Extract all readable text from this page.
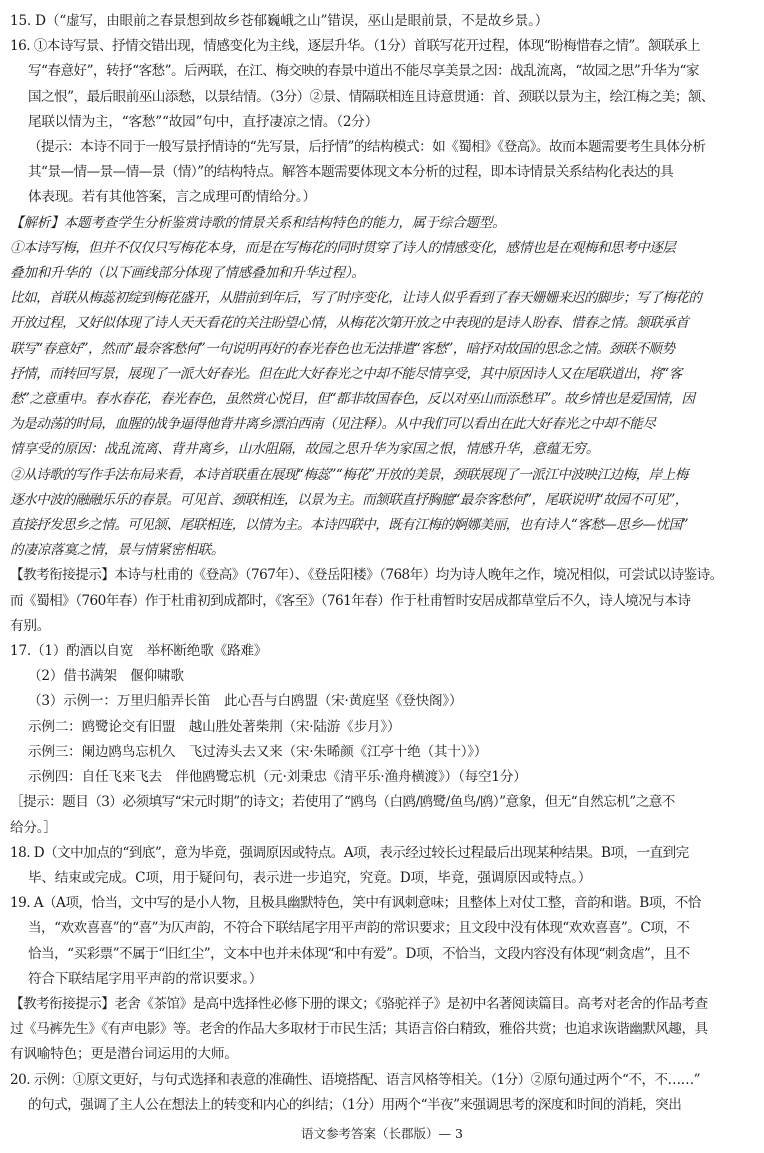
15. D（“虚写，由眼前之春景想到故乡苍郁巍峨之山”错误，巫山是眼前景，不是故乡景。）
16. ①本诗写景、抒情交错出现，情感变化为主线，逐层升华。（1分）首联写花开过程，体现“盼梅惜春之情”。颔联承上
写“春意好”，转抒“客愁”。后两联，在江、梅交映的春景中道出不能尽享美景之因：战乱流离，“故园之思”升华为“家
国之恨”，最后眼前巫山添愁，以景结情。（3分）②景、情隔联相连且诗意贯通：首、颈联以景为主，绘江梅之美；颔、
尾联以情为主，“客愁”“故园”句中，直抒凄凉之情。（2分）
（提示：本诗不同于一般写景抒情诗的“先写景，后抒情”的结构模式：如《蜀相》《登高》。故而本题需要考生具体分析
其“景—情—景—情—景（情）”的结构特点。解答本题需要体现文本分析的过程，即本诗情景关系结构化表达的具
体表现。若有其他答案，言之成理可酌情给分。）
【解析】本题考查学生分析鉴赏诗歌的情景关系和结构特色的能力，属于综合题型。
①本诗写梅，但并不仅仅只写梅花本身，而是在写梅花的同时贯穿了诗人的情感变化，感情也是在观梅和思考中逐层
叠加和升华的（以下画线部分体现了情感叠加和升华过程）。
比如，首联从梅蕊初绽到梅花盛开，从腊前到年后，写了时序变化，让诗人似乎看到了春天姗姗来迟的脚步；写了梅花的
开放过程，又好似体现了诗人天天看花的关注盼望心情，从梅花次第开放之中表现的是诗人盼春、惜春之情。颔联承首
联写“春意好”，然而“最奈客愁何”一句说明再好的春光春色也无法排遣“客愁”，暗抒对故国的思念之情。颈联不顺势
抒情，而转回写景，展现了一派大好春光。但在此大好春光之中却不能尽情享受，其中原因诗人又在尾联道出，将“客
愁”之意重申。春水春花，春光春色，虽然赏心悦目，但“都非故国春色，反以对巫山而添愁耳”。故乡情也是爱国情，因
为是动荡的时局，血腥的战争逼得他背井离乡漂泊西南（见注释）。从中我们可以看出在此大好春光之中却不能尽
情享受的原因：战乱流离、背井离乡，山水阻隔，故园之思升华为家国之恨，情感升华，意蕴无穷。
②从诗歌的写作手法布局来看，本诗首联重在展现“梅蕊”“梅花”开放的美景，颈联展现了一派江中波映江边梅，岸上梅
逐水中波的融融乐乐的春景。可见首、颈联相连，以景为主。而颔联直抒胸臆“最奈客愁何”，尾联说明“故园不可见”，
直接抒发思乡之情。可见颔、尾联相连，以情为主。本诗四联中，既有江梅的婀娜美丽，也有诗人“客愁—思乡—忧国”
的凄凉落寞之情，景与情紧密相联。
【教考衔接提示】本诗与杜甫的《登高》（767年）、《登岳阳楼》（768年）均为诗人晚年之作，境况相似，可尝试以诗鉴诗。
而《蜀相》（760年春）作于杜甫初到成都时，《客至》（761年春）作于杜甫暂时安居成都草堂后不久，诗人境况与本诗
有别。
17.（1）酌酒以自宽　举杯断绝歌《路难》
（2）借书满架　偃仰啸歌
（3）示例一：万里归船弄长笛　此心吾与白鸥盟（宋·黄庭坚《登快阁》）
示例二：鸥鹭论交有旧盟　越山胜处著柴荆（宋·陆游《步月》）
示例三：阑边鸥鸟忘机久　飞过涛头去又来（宋·朱晞颜《江亭十绝（其十）》）
示例四：自任飞来飞去　伴他鸥鹭忘机（元·刘秉忠《清平乐·渔舟横渡》）（每空1分）
［提示：题目（3）必须填写“宋元时期”的诗文；若使用了“鸥鸟（白鸥/鸥鹭/鱼鸟/鸥）”意象，但无“自然忘机”之意不
给分。］
18. D（文中加点的“到底”，意为毕竟，强调原因或特点。A项，表示经过较长过程最后出现某种结果。B项，一直到完
毕、结束或完成。C项，用于疑问句，表示进一步追究，究竟。D项，毕竟，强调原因或特点。）
19. A（A项，恰当，文中写的是小人物，且极具幽默特色，笑中有讽刺意味；且整体上对仗工整，音韵和谐。B项，不恰
当，“欢欢喜喜”的“喜”为仄声韵，不符合下联结尾字用平声韵的常识要求；且文段中没有体现“欢欢喜喜”。C项，不
恰当，“买彩票”不属于“旧红尘”，文本中也并未体现“和中有爱”。D项，不恰当，文段内容没有体现“刺贪虐”，且不
符合下联结尾字用平声韵的常识要求。）
【教考衔接提示】老舍《茶馆》是高中选择性必修下册的课文；《骆驼祥子》是初中名著阅读篇目。高考对老舍的作品考查
过《马裤先生》《有声电影》等。老舍的作品大多取材于市民生活；其语言俗白精致，雅俗共赏；也追求诙谐幽默风趣，具
有讽喻特色；更是潜台词运用的大师。
20. 示例：①原文更好，与句式选择和表意的准确性、语境搭配、语言风格等相关。（1分）②原句通过两个“不，不……”
的句式，强调了主人公在想法上的转变和内心的纠结；（1分）用两个“半夜”来强调思考的深度和时间的消耗，突出
语文参考答案（长郡版）— 3
